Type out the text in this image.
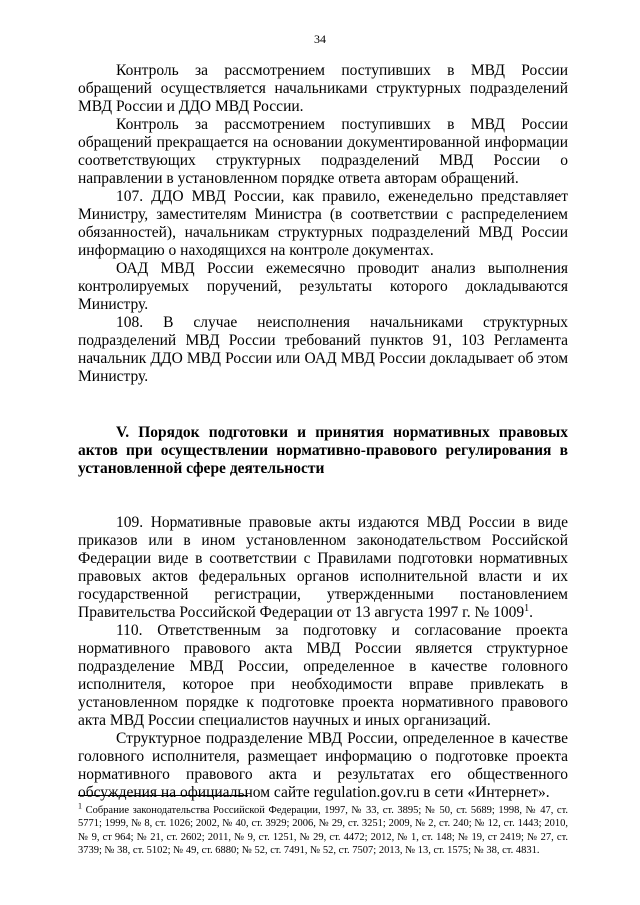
34

Контроль за рассмотрением поступивших в МВД России обращений осуществляется начальниками структурных подразделений МВД России и ДДО МВД России.

Контроль за рассмотрением поступивших в МВД России обращений прекращается на основании документированной информации соответствующих структурных подразделений МВД России о направлении в установленном порядке ответа авторам обращений.

107. ДДО МВД России, как правило, еженедельно представляет Министру, заместителям Министра (в соответствии с распределением обязанностей), начальникам структурных подразделений МВД России информацию о находящихся на контроле документах.

ОАД МВД России ежемесячно проводит анализ выполнения контролируемых поручений, результаты которого докладываются Министру.

108. В случае неисполнения начальниками структурных подразделений МВД России требований пунктов 91, 103 Регламента начальник ДДО МВД России или ОАД МВД России докладывает об этом Министру.

V. Порядок подготовки и принятия нормативных правовых актов при осуществлении нормативно-правового регулирования в установленной сфере деятельности

109. Нормативные правовые акты издаются МВД России в виде приказов или в ином установленном законодательством Российской Федерации виде в соответствии с Правилами подготовки нормативных правовых актов федеральных органов исполнительной власти и их государственной регистрации, утвержденными постановлением Правительства Российской Федерации от 13 августа 1997 г. № 1009$^1$.

110. Ответственным за подготовку и согласование проекта нормативного правового акта МВД России является структурное подразделение МВД России, определенное в качестве головного исполнителя, которое при необходимости вправе привлекать в установленном порядке к подготовке проекта нормативного правового акта МВД России специалистов научных и иных организаций.

Структурное подразделение МВД России, определенное в качестве головного исполнителя, размещает информацию о подготовке проекта нормативного правового акта и результатах его общественного обсуждения на официальном сайте regulation.gov.ru в сети «Интернет».

$^1$ Собрание законодательства Российской Федерации, 1997, № 33, ст. 3895; № 50, ст. 5689; 1998, № 47, ст. 5771; 1999, № 8, ст. 1026; 2002, № 40, ст. 3929; 2006, № 29, ст. 3251; 2009, № 2, ст. 240; № 12, ст. 1443; 2010, № 9, ст 964; № 21, ст. 2602; 2011, № 9, ст. 1251, № 29, ст. 4472; 2012, № 1, ст. 148; № 19, ст 2419; № 27, ст. 3739; № 38, ст. 5102; № 49, ст. 6880; № 52, ст. 7491, № 52, ст. 7507; 2013, № 13, ст. 1575; № 38, ст. 4831.
